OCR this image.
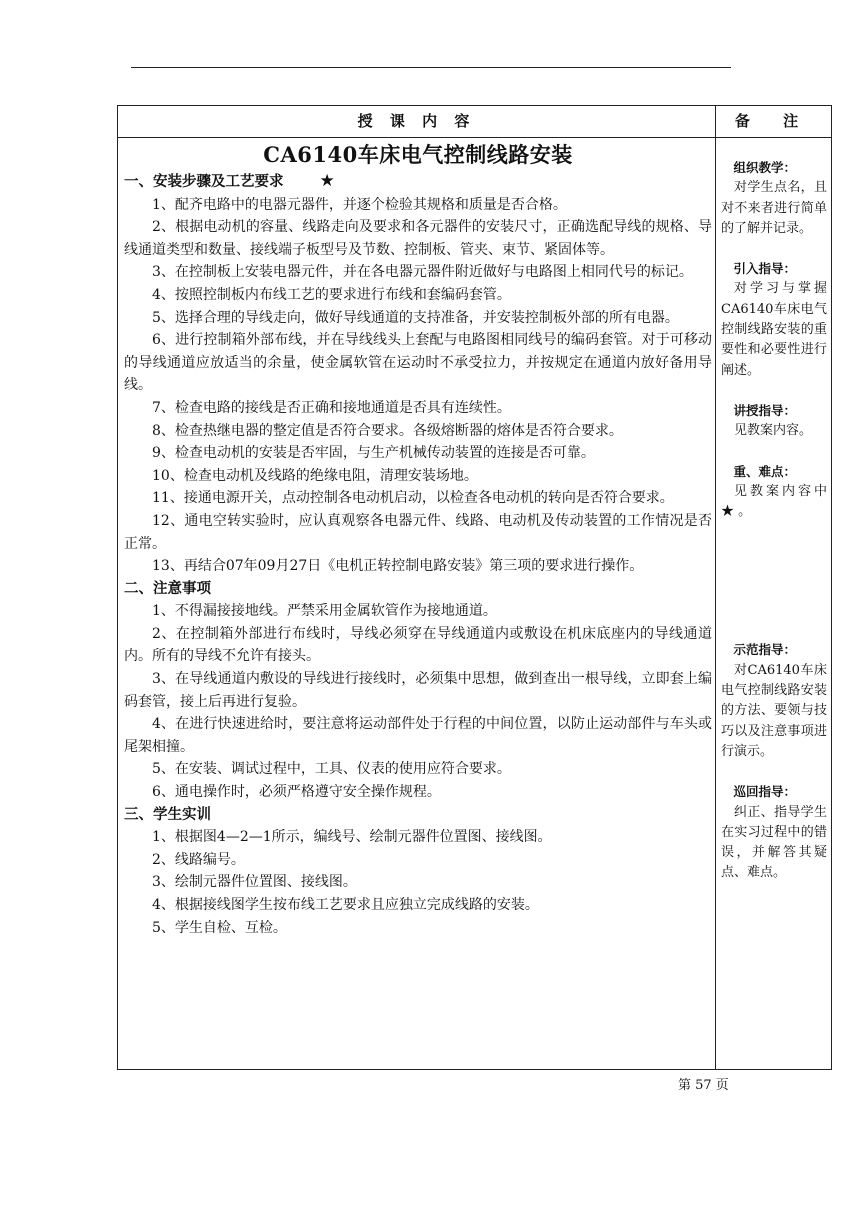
授 课 内 容	备 注
CA6140车床电气控制线路安装
一、安装步骤及工艺要求 ★
1、配齐电路中的电器元器件，并逐个检验其规格和质量是否合格。
2、根据电动机的容量、线路走向及要求和各元器件的安装尺寸，正确选配导线的规格、导线通道类型和数量、接线端子板型号及节数、控制板、管夹、束节、紧固体等。
3、在控制板上安装电器元件，并在各电器元器件附近做好与电路图上相同代号的标记。
4、按照控制板内布线工艺的要求进行布线和套编码套管。
5、选择合理的导线走向，做好导线通道的支持准备，并安装控制板外部的所有电器。
6、进行控制箱外部布线，并在导线线头上套配与电路图相同线号的编码套管。对于可移动的导线通道应放适当的余量，使金属软管在运动时不承受拉力，并按规定在通道内放好备用导线。
7、检查电路的接线是否正确和接地通道是否具有连续性。
8、检查热继电器的整定值是否符合要求。各级熔断器的熔体是否符合要求。
9、检查电动机的安装是否牢固，与生产机械传动装置的连接是否可靠。
10、检查电动机及线路的绝缘电阻，清理安装场地。
11、接通电源开关，点动控制各电动机启动，以检查各电动机的转向是否符合要求。
12、通电空转实验时，应认真观察各电器元件、线路、电动机及传动装置的工作情况是否正常。
13、再结合07年09月27日《电机正转控制电路安装》第三项的要求进行操作。
二、注意事项
1、不得漏接接地线。严禁采用金属软管作为接地通道。
2、在控制箱外部进行布线时，导线必须穿在导线通道内或敷设在机床底座内的导线通道内。所有的导线不允许有接头。
3、在导线通道内敷设的导线进行接线时，必须集中思想，做到查出一根导线，立即套上编码套管，接上后再进行复验。
4、在进行快速进给时，要注意将运动部件处于行程的中间位置，以防止运动部件与车头或尾架相撞。
5、在安装、调试过程中，工具、仪表的使用应符合要求。
6、通电操作时，必须严格遵守安全操作规程。
三、学生实训
1、根据图4—2—1所示，编线号、绘制元器件位置图、接线图。
2、线路编号。
3、绘制元器件位置图、接线图。
4、根据接线图学生按布线工艺要求且应独立完成线路的安装。
5、学生自检、互检。
组织教学：
对学生点名，且对不来者进行简单的了解并记录。
引入指导：
对学习与掌握CA6140车床电气控制线路安装的重要性和必要性进行阐述。
讲授指导：
见教案内容。
重、难点：
见教案内容中 ★ 。
示范指导：
对CA6140车床电气控制线路安装的方法、要领与技巧以及注意事项进行演示。
巡回指导：
纠正、指导学生在实习过程中的错误，并解答其疑点、难点。
第 57 页
